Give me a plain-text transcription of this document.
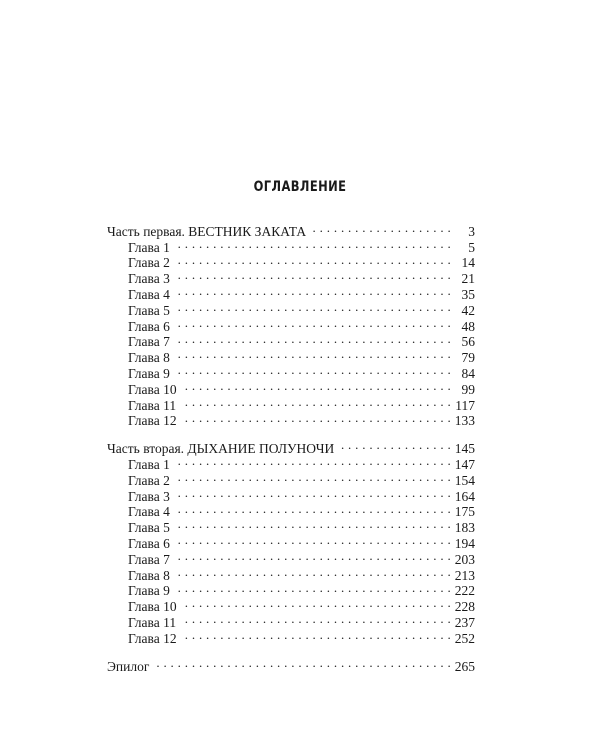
ОГЛАВЛЕНИЕ
Часть первая. ВЕСТНИК ЗАКАТА . . .	3
Глава 1 . . .	5
Глава 2 . . .	14
Глава 3 . . .	21
Глава 4 . . .	35
Глава 5 . . .	42
Глава 6 . . .	48
Глава 7 . . .	56
Глава 8 . . .	79
Глава 9 . . .	84
Глава 10 . . .	99
Глава 11 . . .	117
Глава 12 . . .	133
Часть вторая. ДЫХАНИЕ ПОЛУНОЧИ . . .	145
Глава 1 . . .	147
Глава 2 . . .	154
Глава 3 . . .	164
Глава 4 . . .	175
Глава 5 . . .	183
Глава 6 . . .	194
Глава 7 . . .	203
Глава 8 . . .	213
Глава 9 . . .	222
Глава 10 . . .	228
Глава 11 . . .	237
Глава 12 . . .	252
Эпилог . . .	265
